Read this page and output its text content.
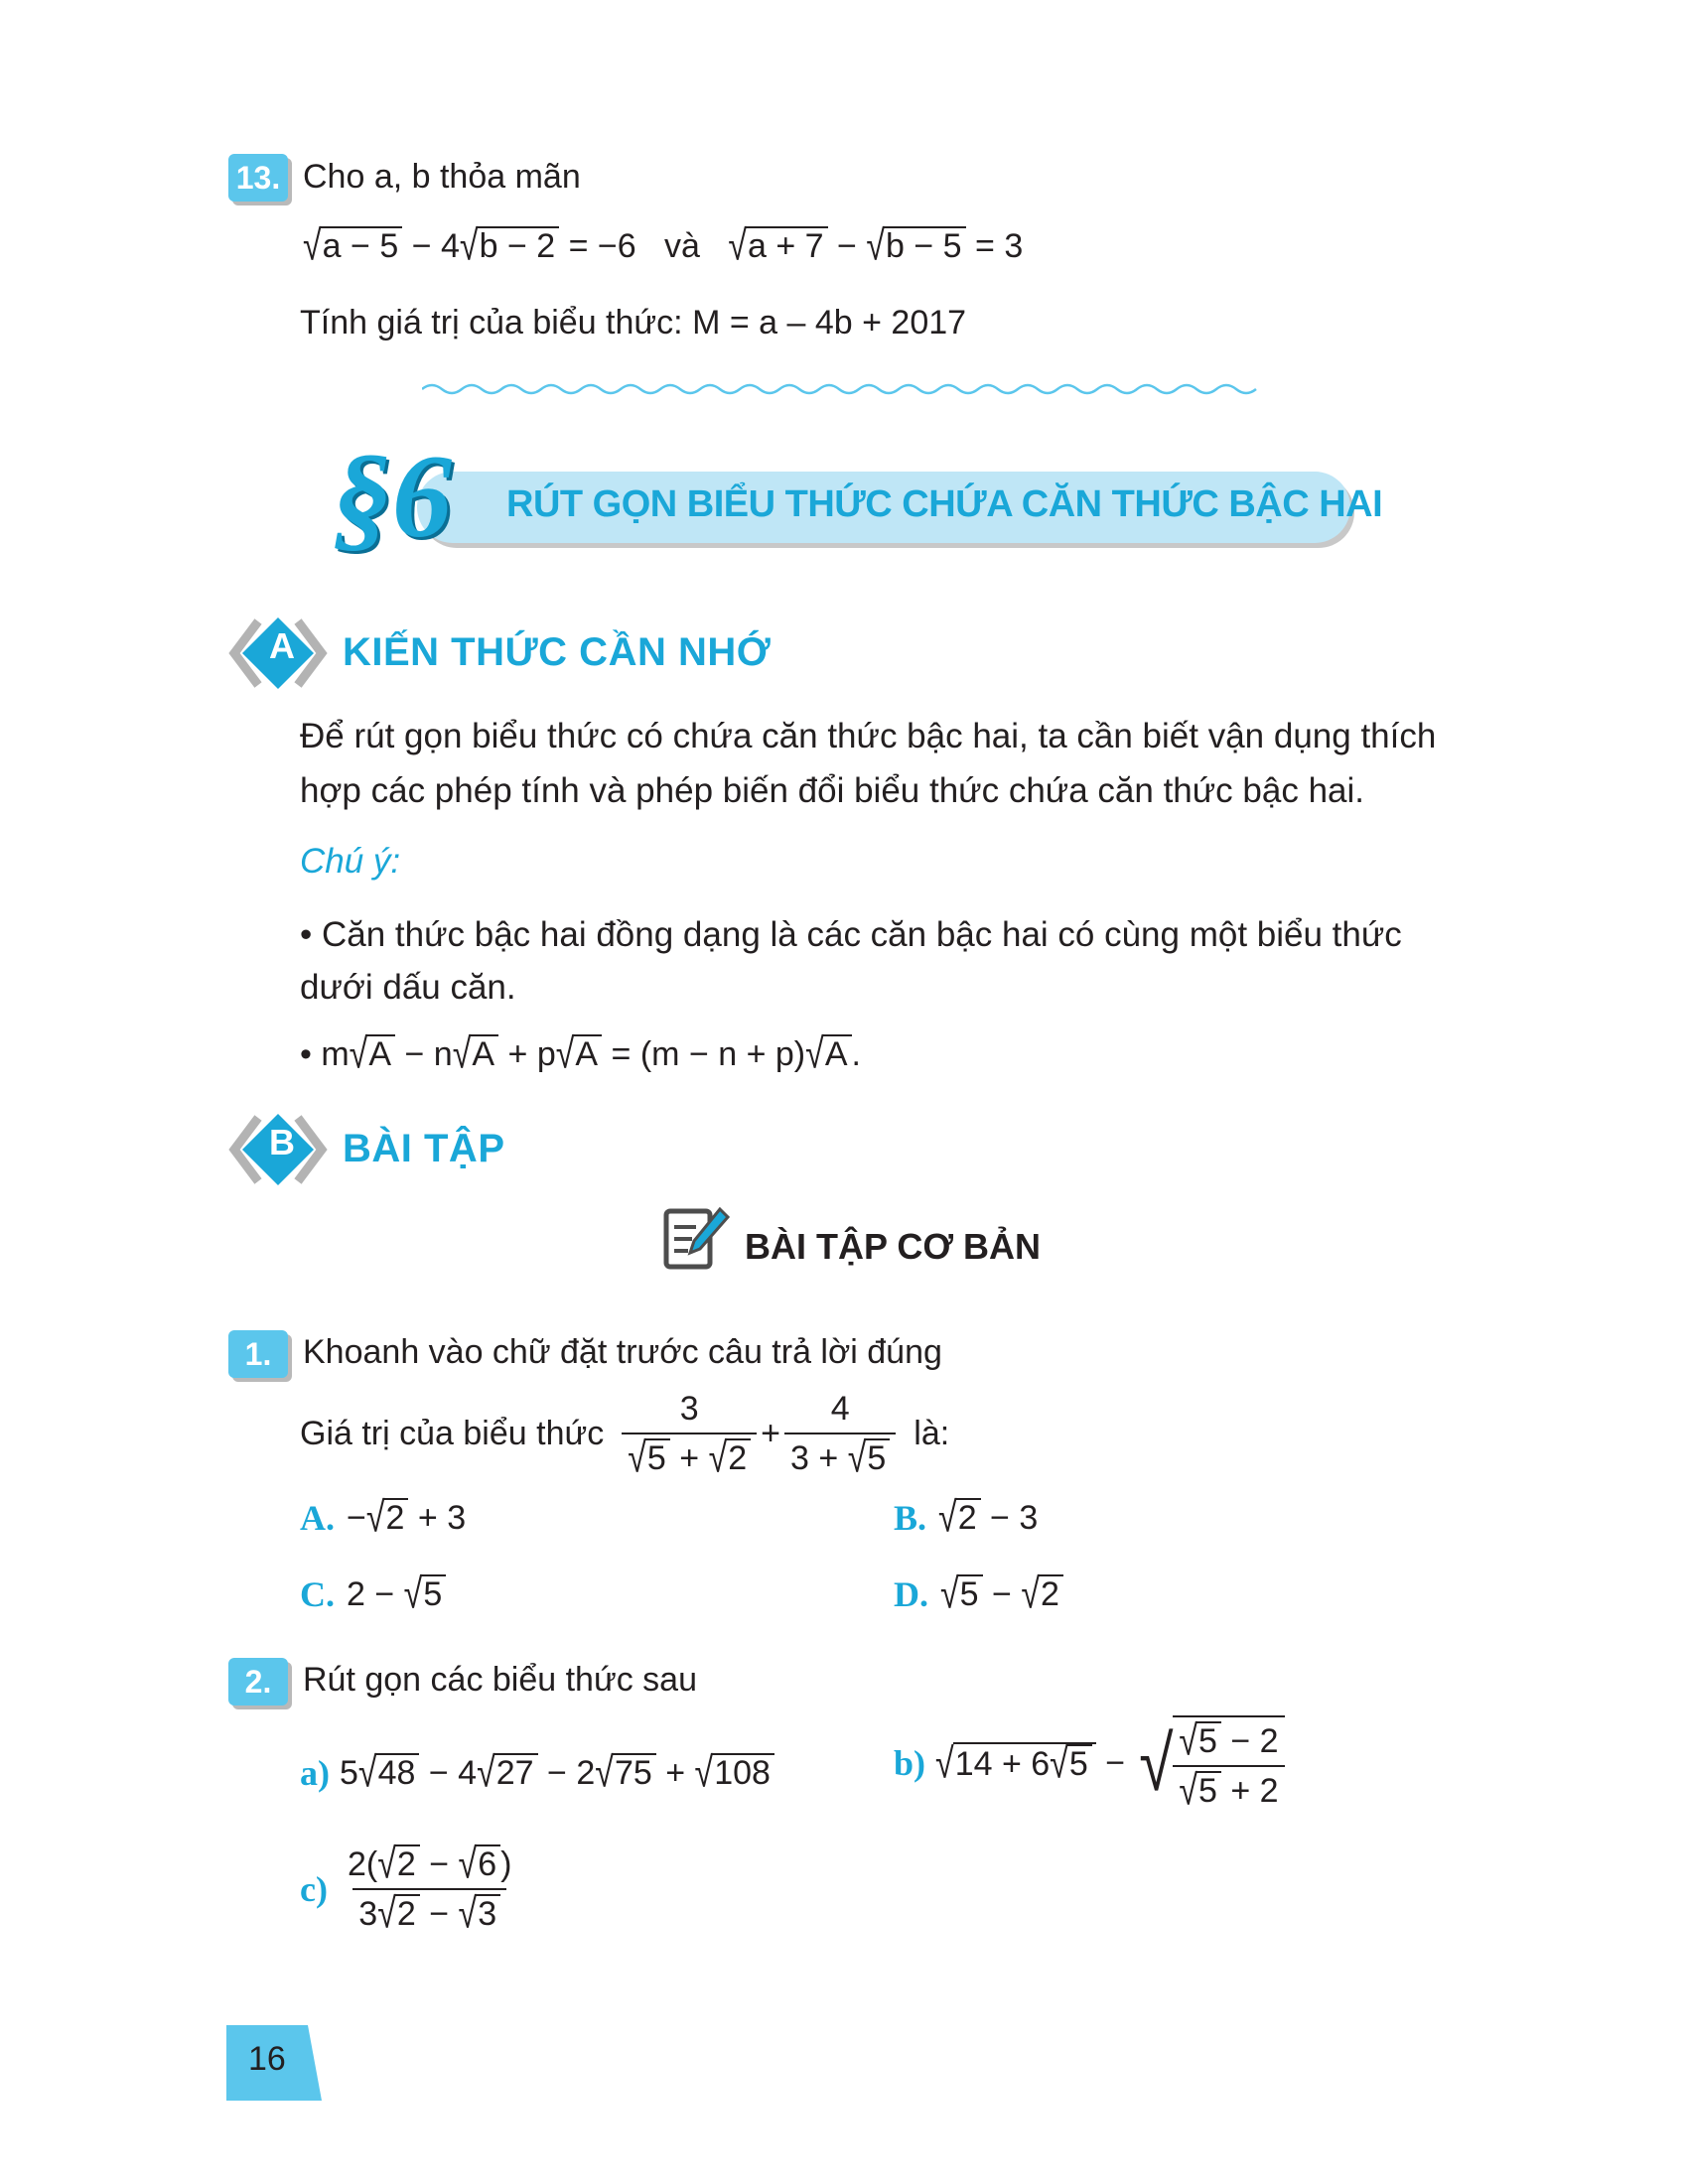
13. Cho a, b thỏa mãn
√a − 5 − 4√b − 2 = −6   và √a + 7 − √b − 5 = 3
Tính giá trị của biểu thức: M = a – 4b + 2017
§6 RÚT GỌN BIỂU THỨC CHỨA CĂN THỨC BẬC HAI
A KIẾN THỨC CẦN NHỚ
Để rút gọn biểu thức có chứa căn thức bậc hai, ta cần biết vận dụng thích
hợp các phép tính và phép biến đổi biểu thức chứa căn thức bậc hai.
Chú ý:
• Căn thức bậc hai đồng dạng là các căn bậc hai có cùng một biểu thức
dưới dấu căn.
• m√A − n√A + p√A = (m − n + p)√A .
B BÀI TẬP
BÀI TẬP CƠ BẢN
1. Khoanh vào chữ đặt trước câu trả lời đúng
Giá trị của biểu thức $\frac{3}{√5 + √2} + \frac{4}{3 + √5}$ là:
A. −√2 + 3	B. √2 − 3
C. 2 − √5	D. √5 − √2
2. Rút gọn các biểu thức sau
a) 5√48 − 4√27 − 2√75 + √108	b) √14 + 6√5 − √ $\frac{√5 - 2}{√5 + 2}$
$c) \frac{2(√2 - √6 )}{3√2 - √3}$
16
